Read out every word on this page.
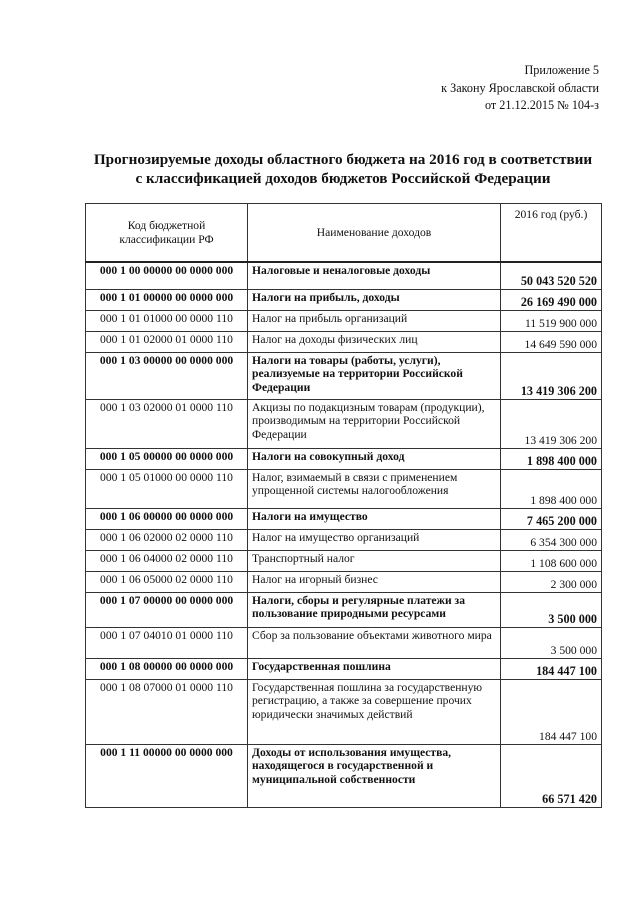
Приложение 5
к Закону Ярославской области
от 21.12.2015 № 104-з
Прогнозируемые доходы областного бюджета на 2016 год в соответствии
с классификацией доходов бюджетов Российской Федерации
Код бюджетной классификации РФ	Наименование доходов	2016 год (руб.)
000 1 00 00000 00 0000 000	Налоговые и неналоговые доходы	50 043 520 520
000 1 01 00000 00 0000 000	Налоги на прибыль, доходы	26 169 490 000
000 1 01 01000 00 0000 110	Налог на прибыль организаций	11 519 900 000
000 1 01 02000 01 0000 110	Налог на доходы физических лиц	14 649 590 000
000 1 03 00000 00 0000 000	Налоги на товары (работы, услуги), реализуемые на территории Российской Федерации	13 419 306 200
000 1 03 02000 01 0000 110	Акцизы по подакцизным товарам (продукции), производимым на территории Российской Федерации	13 419 306 200
000 1 05 00000 00 0000 000	Налоги на совокупный доход	1 898 400 000
000 1 05 01000 00 0000 110	Налог, взимаемый в связи с применением упрощенной системы налогообложения	1 898 400 000
000 1 06 00000 00 0000 000	Налоги на имущество	7 465 200 000
000 1 06 02000 02 0000 110	Налог на имущество организаций	6 354 300 000
000 1 06 04000 02 0000 110	Транспортный налог	1 108 600 000
000 1 06 05000 02 0000 110	Налог на игорный бизнес	2 300 000
000 1 07 00000 00 0000 000	Налоги, сборы и регулярные платежи за пользование природными ресурсами	3 500 000
000 1 07 04010 01 0000 110	Сбор за пользование объектами животного мира	3 500 000
000 1 08 00000 00 0000 000	Государственная пошлина	184 447 100
000 1 08 07000 01 0000 110	Государственная пошлина за государственную регистрацию, а также за совершение прочих юридически значимых действий	184 447 100
000 1 11 00000 00 0000 000	Доходы от использования имущества, находящегося в государственной и муниципальной собственности	66 571 420
